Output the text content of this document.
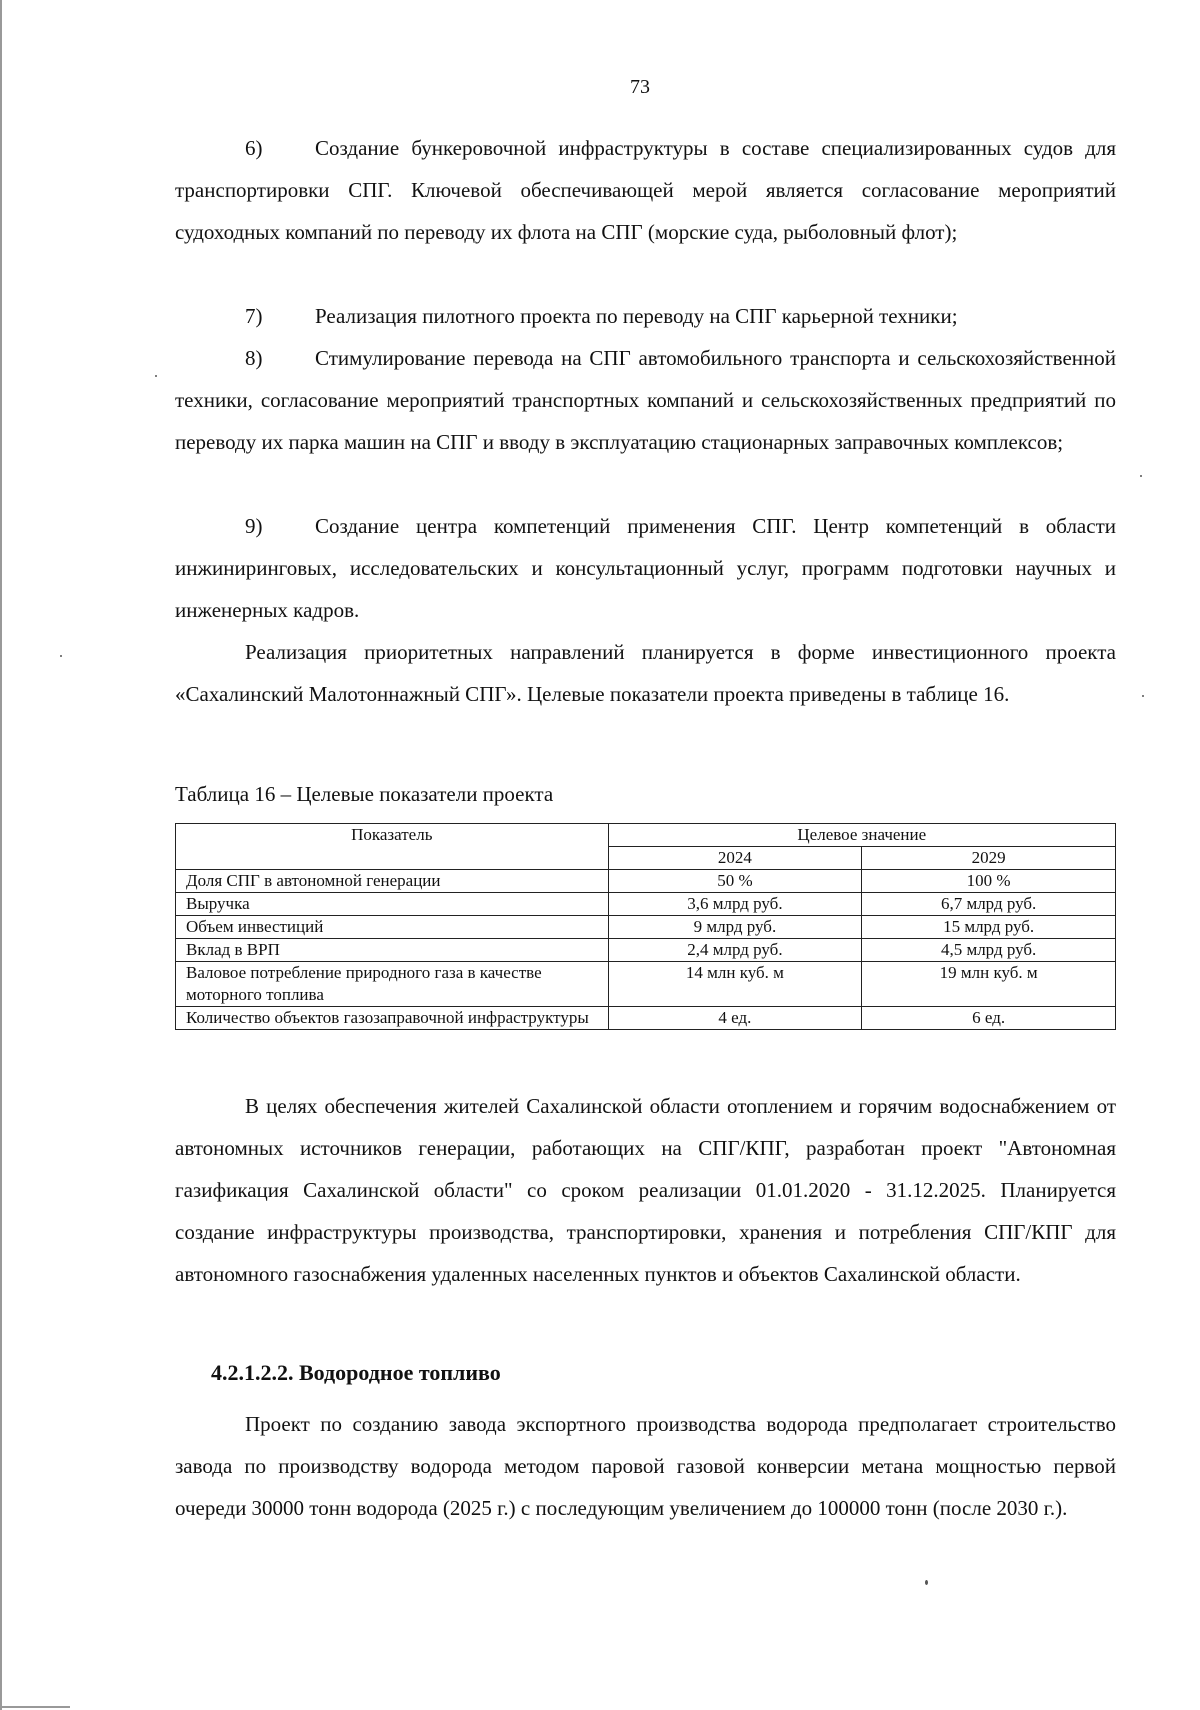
73
6)	Создание бункеровочной инфраструктуры в составе специализированных судов для транспортировки СПГ. Ключевой обеспечивающей мерой является согласование мероприятий судоходных компаний по переводу их флота на СПГ (морские суда, рыболовный флот);
7)	Реализация пилотного проекта по переводу на СПГ карьерной техники;
8)	Стимулирование перевода на СПГ автомобильного транспорта и сельскохозяйственной техники, согласование мероприятий транспортных компаний и сельскохозяйственных предприятий по переводу их парка машин на СПГ и вводу в эксплуатацию стационарных заправочных комплексов;
9)	Создание центра компетенций применения СПГ. Центр компетенций в области инжиниринговых, исследовательских и консультационный услуг, программ подготовки научных и инженерных кадров.
Реализация приоритетных направлений планируется в форме инвестиционного проекта «Сахалинский Малотоннажный СПГ». Целевые показатели проекта приведены в таблице 16.
Таблица 16 – Целевые показатели проекта
Показатель	Целевое значение	
	2024	2029
Доля СПГ в автономной генерации	50 %	100 %
Выручка	3,6 млрд руб.	6,7 млрд руб.
Объем инвестиций	9 млрд руб.	15 млрд руб.
Вклад в ВРП	2,4 млрд руб.	4,5 млрд руб.
Валовое потребление природного газа в качестве моторного топлива	14 млн куб. м	19 млн куб. м
Количество объектов газозаправочной инфраструктуры	4 ед.	6 ед.
В целях обеспечения жителей Сахалинской области отоплением и горячим водоснабжением от автономных источников генерации, работающих на СПГ/КПГ, разработан проект "Автономная газификация Сахалинской области" со сроком реализации 01.01.2020 - 31.12.2025. Планируется создание инфраструктуры производства, транспортировки, хранения и потребления СПГ/КПГ для автономного газоснабжения удаленных населенных пунктов и объектов Сахалинской области.
4.2.1.2.2. Водородное топливо
Проект по созданию завода экспортного производства водорода предполагает строительство завода по производству водорода методом паровой газовой конверсии метана мощностью первой очереди 30000 тонн водорода (2025 г.) с последующим увеличением до 100000 тонн (после 2030 г.).
